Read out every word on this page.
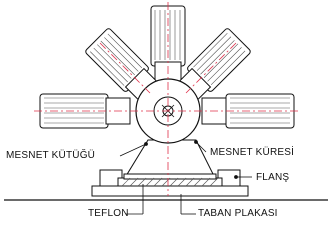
MESNET KÜTÜĞÜ	MESNET KÜRESİ
FLANŞ
TEFLON	TABAN PLAKASI
